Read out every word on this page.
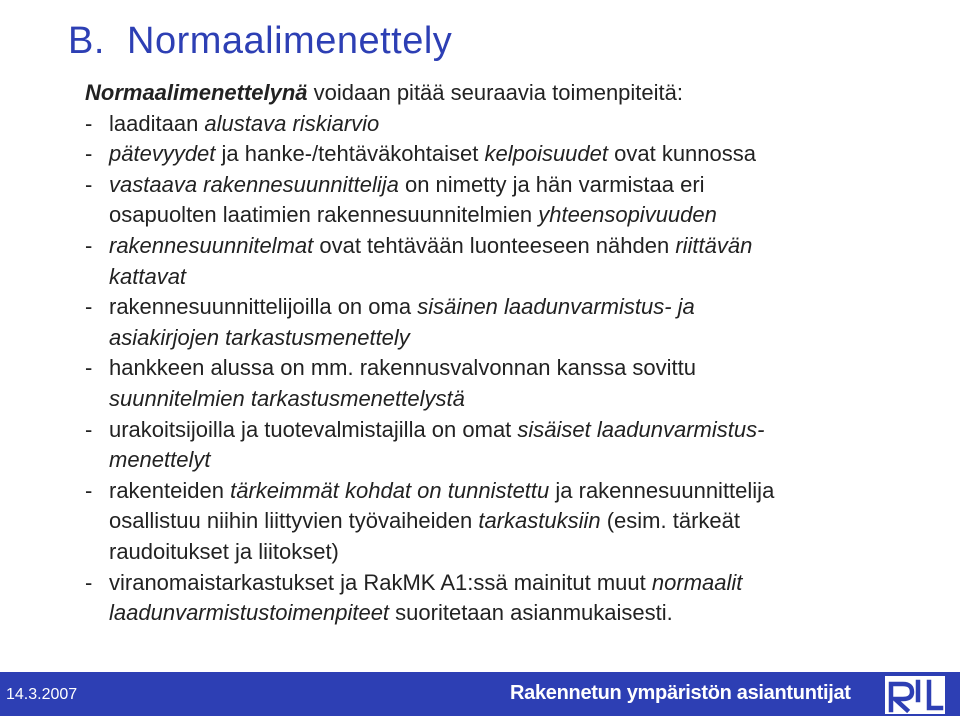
B.  Normaalimenettely
Normaalimenettelynä voidaan pitää seuraavia toimenpiteitä:
- laaditaan alustava riskiarvio
- pätevyydet ja hanke-/tehtäväkohtaiset kelpoisuudet ovat kunnossa
- vastaava rakennesuunnittelija on nimetty ja hän varmistaa eri
osapuolten laatimien rakennesuunnitelmien yhteensopivuuden
- rakennesuunnitelmat ovat tehtävään luonteeseen nähden riittävän
kattavat
- rakennesuunnittelijoilla on oma sisäinen laadunvarmistus- ja
asiakirjojen tarkastusmenettely
- hankkeen alussa on mm. rakennusvalvonnan kanssa sovittu
suunnitelmien tarkastusmenettelystä
- urakoitsijoilla ja tuotevalmistajilla on omat sisäiset laadunvarmistus-
menettelyt
- rakenteiden tärkeimmät kohdat on tunnistettu ja rakennesuunnittelija
osallistuu niihin liittyvien työvaiheiden tarkastuksiin (esim. tärkeät
raudoitukset ja liitokset)
- viranomaistarkastukset ja RakMK A1:ssä mainitut muut normaalit
laadunvarmistustoimenpiteet suoritetaan asianmukaisesti.
14.3.2007	Rakennetun ympäristön asiantuntijat
